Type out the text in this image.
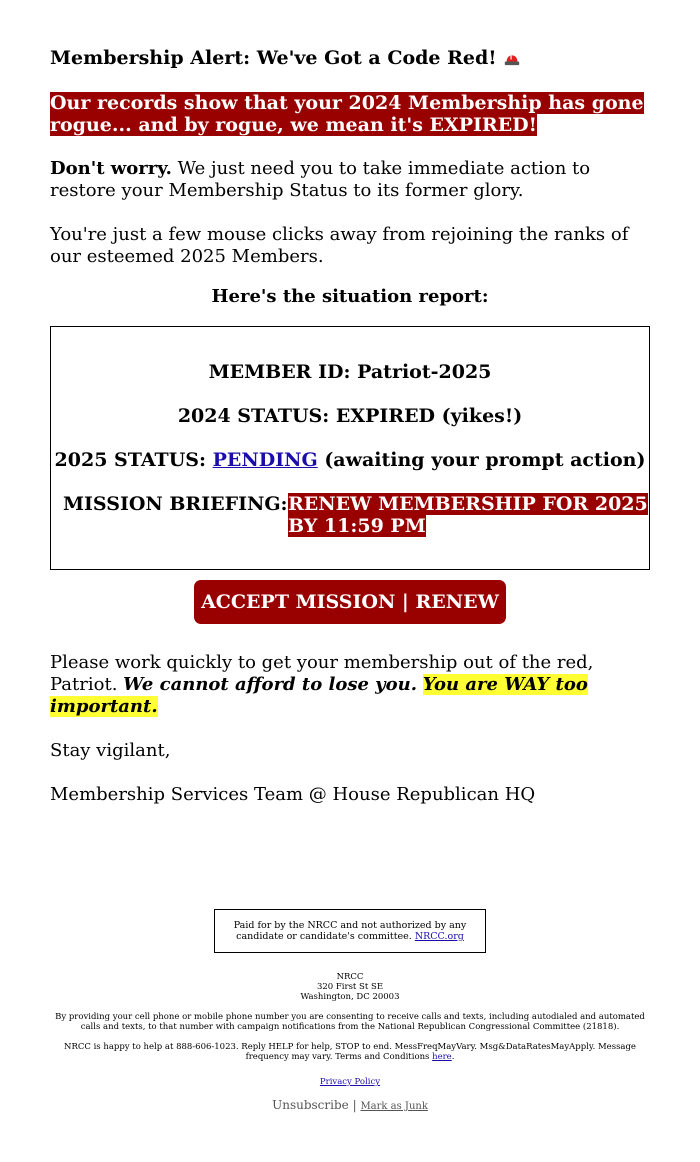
Membership Alert: We've Got a Code Red!
Our records show that your 2024 Membership has gone rogue... and by rogue, we mean it's EXPIRED!
Don't worry. We just need you to take immediate action to restore your Membership Status to its former glory.
You're just a few mouse clicks away from rejoining the ranks of our esteemed 2025 Members.
Here's the situation report:
MEMBER ID: Patriot-2025
2024 STATUS: EXPIRED (yikes!)
2025 STATUS: PENDING (awaiting your prompt action)
MISSION BRIEFING: RENEW MEMBERSHIP FOR 2025 BY 11:59 PM
ACCEPT MISSION | RENEW
Please work quickly to get your membership out of the red, Patriot. We cannot afford to lose you. You are WAY too important.
Stay vigilant,
Membership Services Team @ House Republican HQ
Paid for by the NRCC and not authorized by any candidate or candidate's committee. NRCC.org
NRCC
320 First St SE
Washington, DC 20003
By providing your cell phone or mobile phone number you are consenting to receive calls and texts, including autodialed and automated calls and texts, to that number with campaign notifications from the National Republican Congressional Committee (21818).
NRCC is happy to help at 888-606-1023. Reply HELP for help, STOP to end. MessFreqMayVary. Msg&DataRatesMayApply. Message frequency may vary. Terms and Conditions here.
Privacy Policy
Unsubscribe | Mark as Junk
